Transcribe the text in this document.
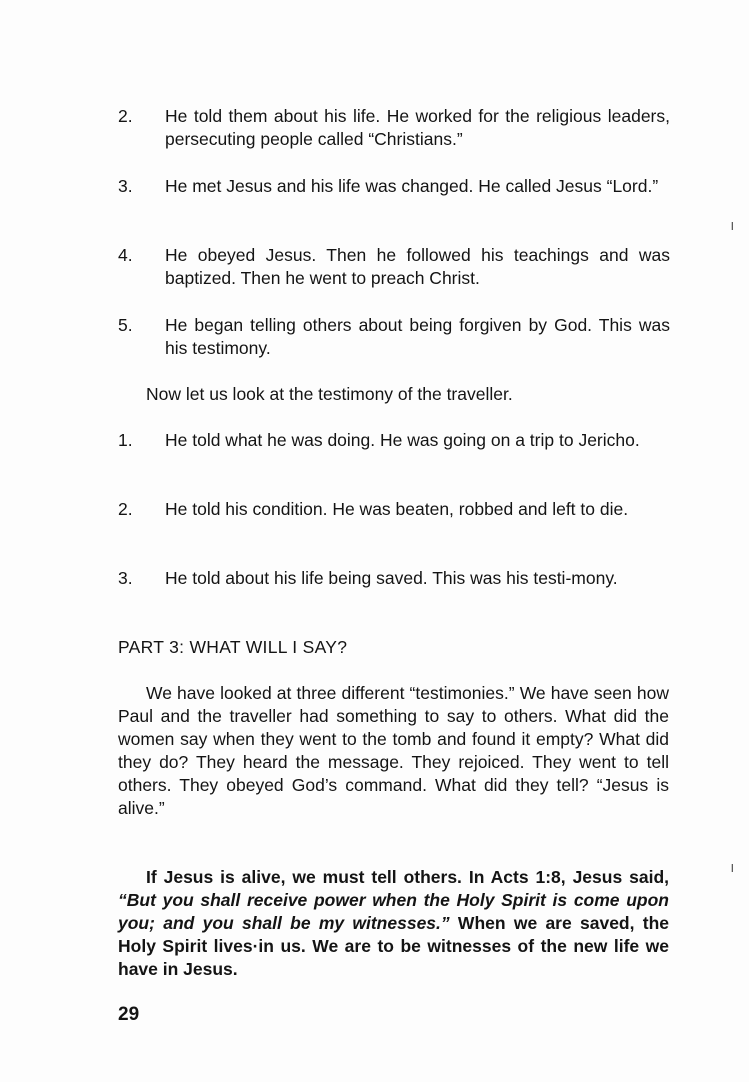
2. He told them about his life. He worked for the religious leaders, persecuting people called “Christians.”
3. He met Jesus and his life was changed. He called Jesus “Lord.”
4. He obeyed Jesus. Then he followed his teachings and was baptized. Then he went to preach Christ.
5. He began telling others about being forgiven by God. This was his testimony.
Now let us look at the testimony of the traveller.
1. He told what he was doing. He was going on a trip to Jericho.
2. He told his condition. He was beaten, robbed and left to die.
3. He told about his life being saved. This was his testi-mony.
PART 3: WHAT WILL I SAY?
We have looked at three different “testimonies.” We have seen how Paul and the traveller had something to say to others. What did the women say when they went to the tomb and found it empty? What did they do? They heard the message. They rejoiced. They went to tell others. They obeyed God’s command. What did they tell? “Jesus is alive.”
If Jesus is alive, we must tell others. In Acts 1:8, Jesus said, “But you shall receive power when the Holy Spirit is come upon you; and you shall be my witnesses.” When we are saved, the Holy Spirit lives·in us. We are to be witnesses of the new life we have in Jesus.
29
ˡ
ˡ
